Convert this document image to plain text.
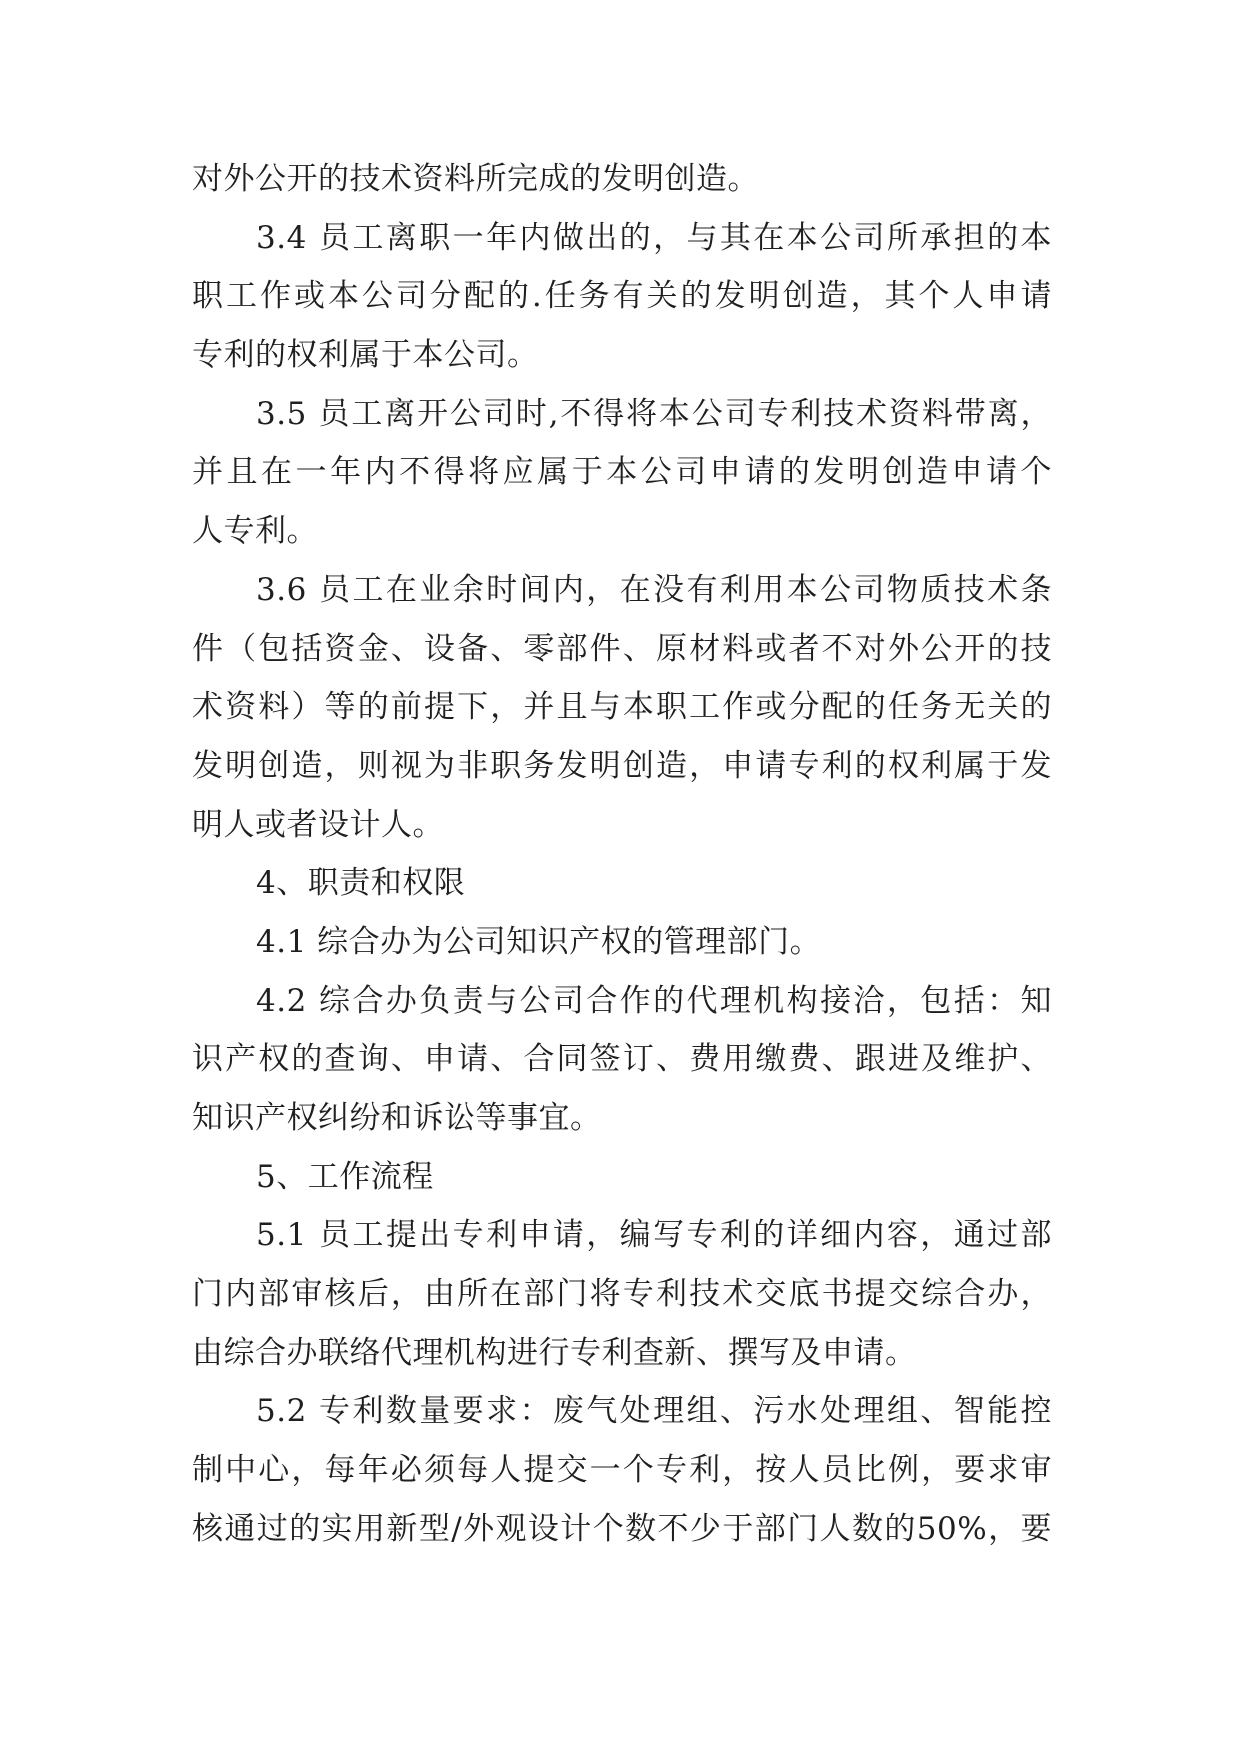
对外公开的技术资料所完成的发明创造。
3.4 员工离职一年内做出的，与其在本公司所承担的本
职工作或本公司分配的.任务有关的发明创造，其个人申请
专利的权利属于本公司。
3.5 员工离开公司时,不得将本公司专利技术资料带离，
并且在一年内不得将应属于本公司申请的发明创造申请个
人专利。
3.6 员工在业余时间内，在没有利用本公司物质技术条
件（包括资金、设备、零部件、原材料或者不对外公开的技
术资料）等的前提下，并且与本职工作或分配的任务无关的
发明创造，则视为非职务发明创造，申请专利的权利属于发
明人或者设计人。
4、职责和权限
4.1 综合办为公司知识产权的管理部门。
4.2 综合办负责与公司合作的代理机构接洽，包括：知
识产权的查询、申请、合同签订、费用缴费、跟进及维护、
知识产权纠纷和诉讼等事宜。
5、工作流程
5.1 员工提出专利申请，编写专利的详细内容，通过部
门内部审核后，由所在部门将专利技术交底书提交综合办，
由综合办联络代理机构进行专利查新、撰写及申请。
5.2 专利数量要求：废气处理组、污水处理组、智能控
制中心，每年必须每人提交一个专利，按人员比例，要求审
核通过的实用新型/外观设计个数不少于部门人数的50%，要
